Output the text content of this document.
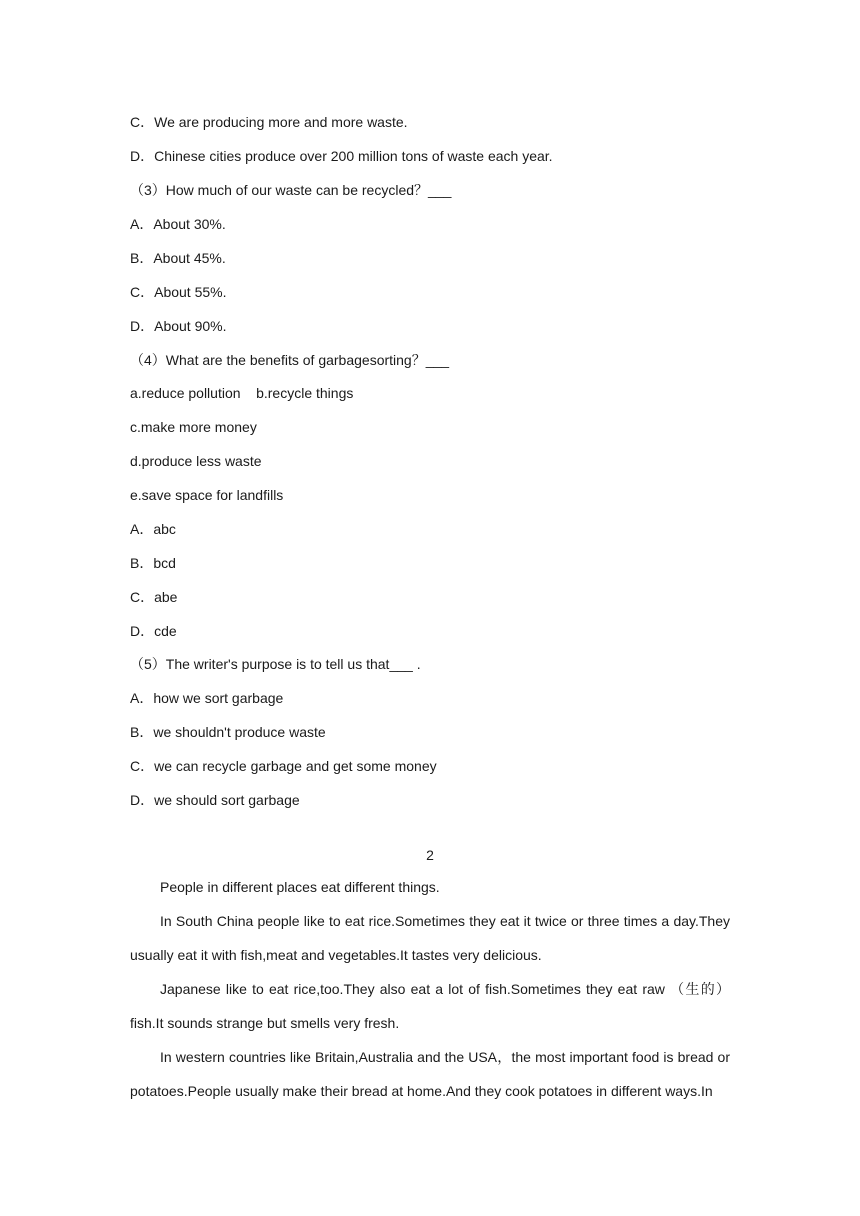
C．We are producing more and more waste.
D．Chinese cities produce over 200 million tons of waste each year.
（3）How much of our waste can be recycled？___
A．About 30%.
B．About 45%.
C．About 55%.
D．About 90%.
（4）What are the benefits of garbagesorting？___
a.reduce pollution    b.recycle things
c.make more money
d.produce less waste
e.save space for landfills
A．abc
B．bcd
C．abe
D．cde
（5）The writer's purpose is to tell us that___ .
A．how we sort garbage
B．we shouldn't produce waste
C．we can recycle garbage and get some money
D．we should sort garbage
2
People in different places eat different things.
In South China people like to eat rice.Sometimes they eat it twice or three times a day.They usually eat it with fish,meat and vegetables.It tastes very delicious.
Japanese like to eat rice,too.They also eat a lot of fish.Sometimes they eat raw （生的） fish.It sounds strange but smells very fresh.
In western countries like Britain,Australia and the USA，the most important food is bread or potatoes.People usually make their bread at home.And they cook potatoes in different ways.In
